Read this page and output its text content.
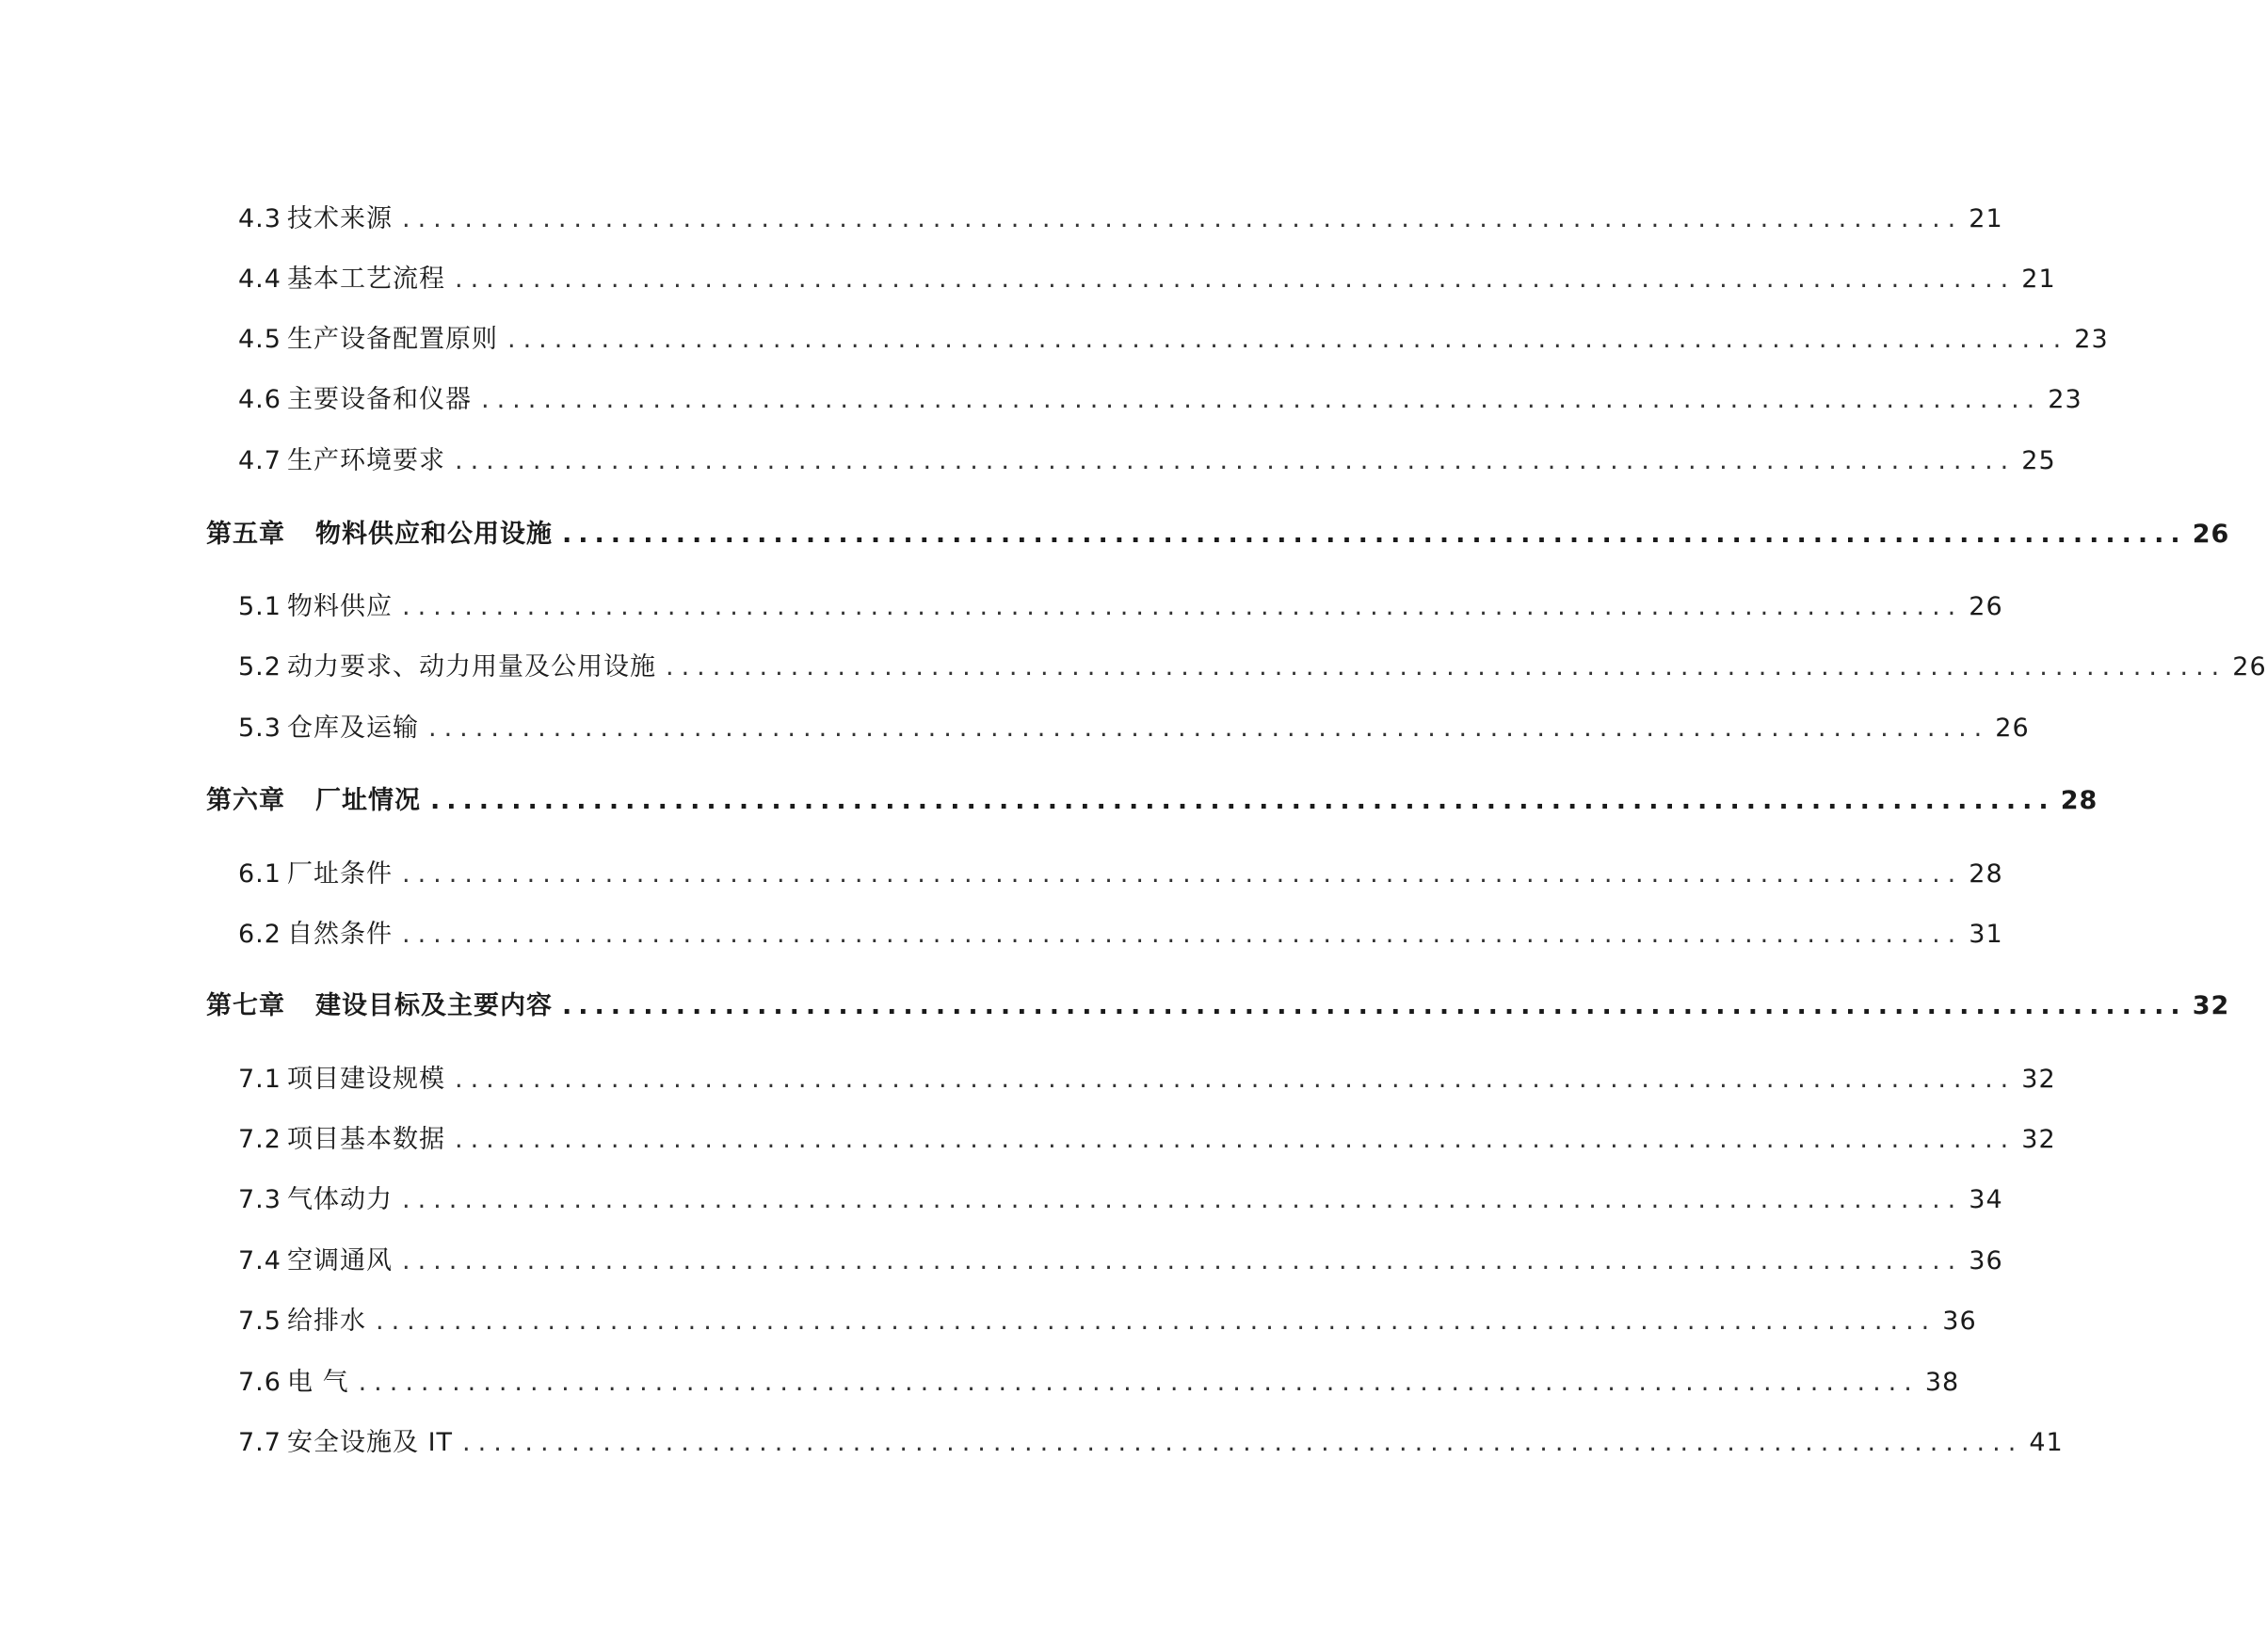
4.3 技术来源 .................................................................................................... 21
4.4 基本工艺流程 .................................................................................................... 21
4.5 生产设备配置原则 .................................................................................................... 23
4.6 主要设备和仪器 .................................................................................................... 23
4.7 生产环境要求 .................................................................................................... 25
第五章	物料供应和公用设施 .................................................................................................... 26
5.1 物料供应 .................................................................................................... 26
5.2 动力要求、动力用量及公用设施 .................................................................................................... 26
5.3 仓库及运输 .................................................................................................... 26
第六章	厂址情况 .................................................................................................... 28
6.1 厂址条件 .................................................................................................... 28
6.2 自然条件 .................................................................................................... 31
第七章	建设目标及主要内容 .................................................................................................... 32
7.1 项目建设规模 .................................................................................................... 32
7.2 项目基本数据 .................................................................................................... 32
7.3 气体动力 .................................................................................................... 34
7.4 空调通风 .................................................................................................... 36
7.5 给排水 .................................................................................................... 36
7.6 电 气 .................................................................................................... 38
7.7 安全设施及 IT .................................................................................................... 41
